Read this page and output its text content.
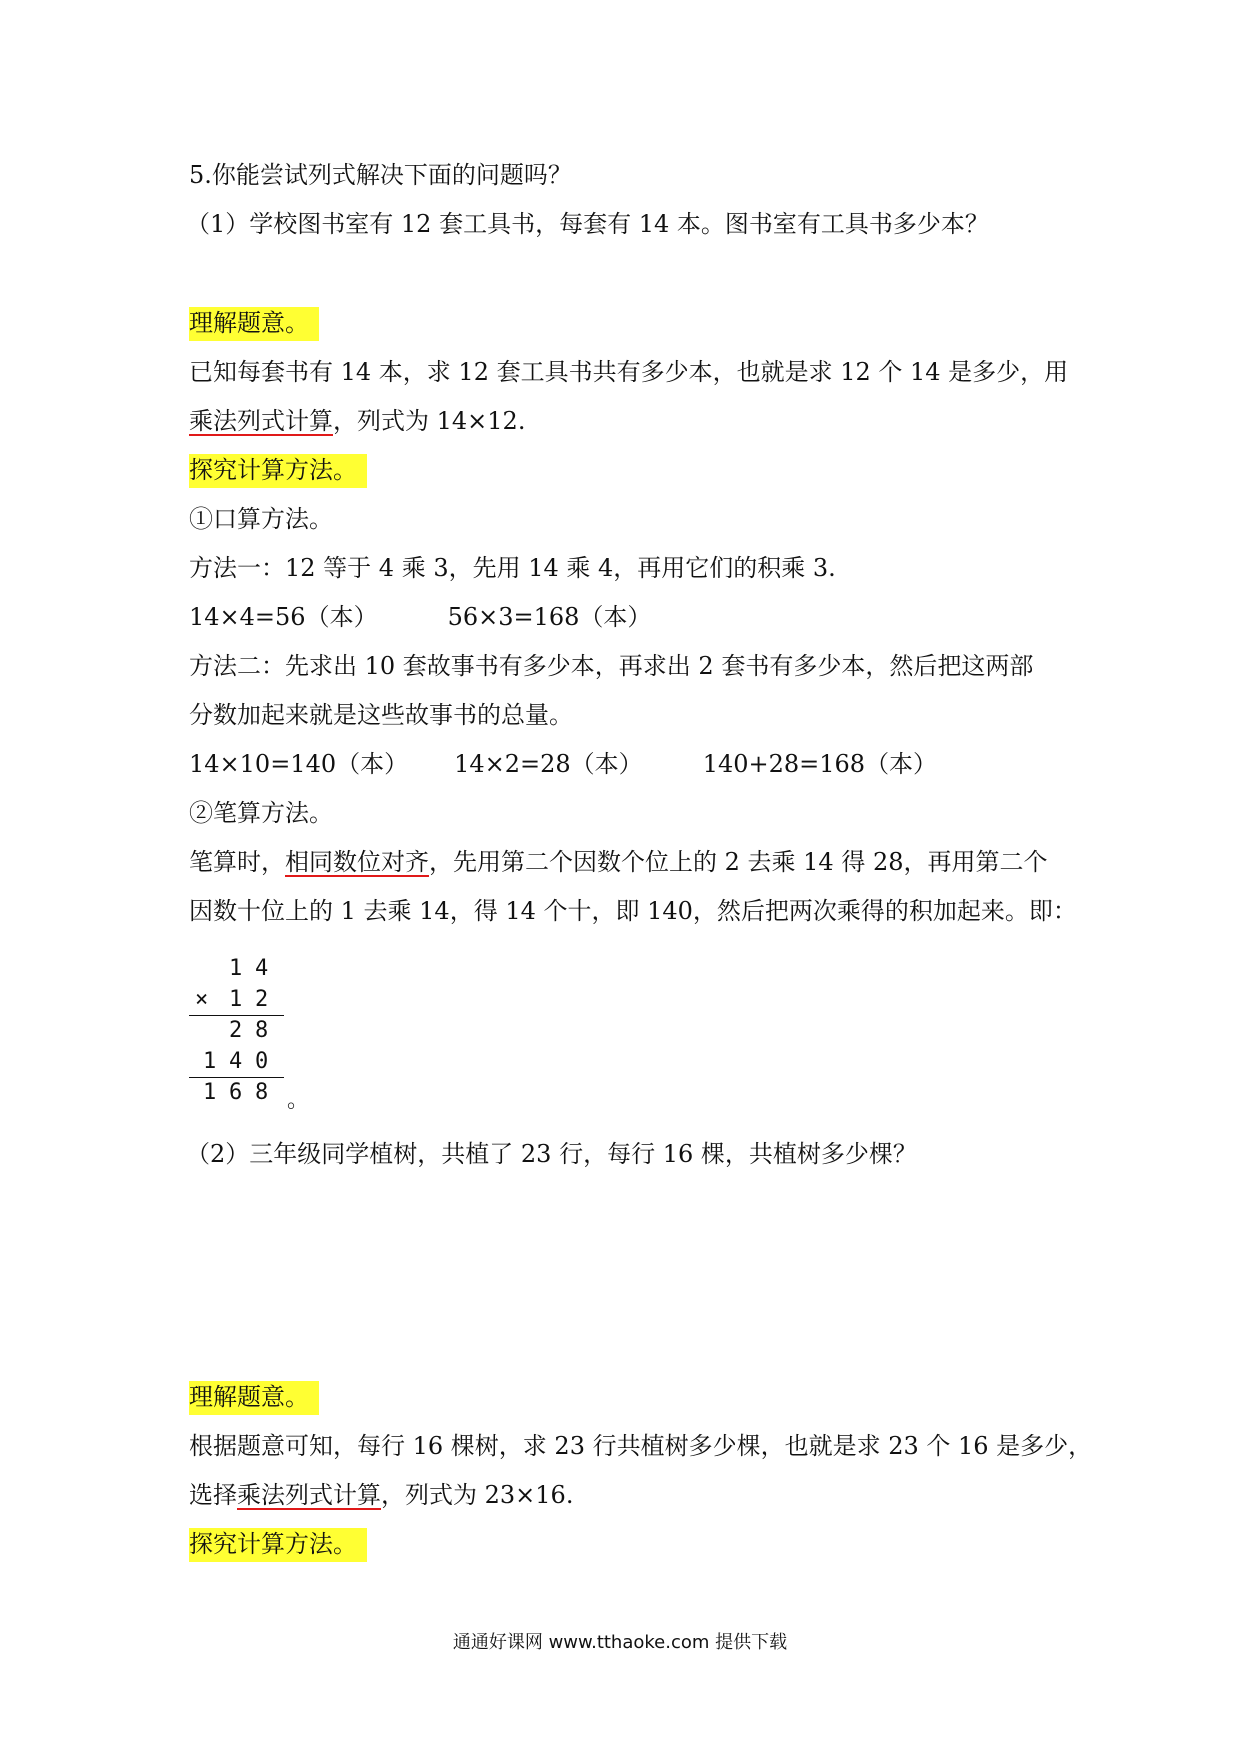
5.你能尝试列式解决下面的问题吗？
（1）学校图书室有 12 套工具书，每套有 14 本。图书室有工具书多少本？
理解题意。
已知每套书有 14 本，求 12 套工具书共有多少本，也就是求 12 个 14 是多少，用
乘法列式计算，列式为 14×12.
探究计算方法。
①口算方法。
方法一：12 等于 4 乘 3，先用 14 乘 4，再用它们的积乘 3.
14×4=56（本）	56×3=168（本）
方法二：先求出 10 套故事书有多少本，再求出 2 套书有多少本，然后把这两部
分数加起来就是这些故事书的总量。
14×10=140（本） 14×2=28（本）	140+28=168（本）
②笔算方法。
笔算时，相同数位对齐，先用第二个因数个位上的 2 去乘 14 得 28，再用第二个
因数十位上的 1 去乘 14，得 14 个十，即 140，然后把两次乘得的积加起来。即：
1 4
× 1 2
2 8
1 4 0
1 6 8 。
（2）三年级同学植树，共植了 23 行，每行 16 棵，共植树多少棵？
理解题意。
根据题意可知，每行 16 棵树，求 23 行共植树多少棵，也就是求 23 个 16 是多少，
选择乘法列式计算，列式为 23×16.
探究计算方法。
通通好课网 www.tthaoke.com 提供下载
